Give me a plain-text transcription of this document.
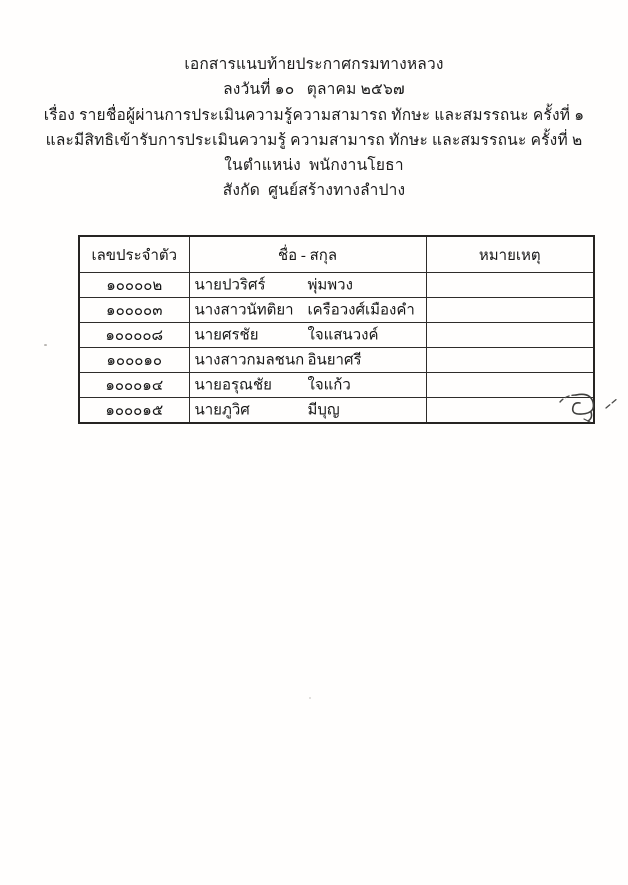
เอกสารแนบท้ายประกาศกรมทางหลวง
ลงวันที่ ๑๐   ตุลาคม ๒๕๖๗
เรื่อง รายชื่อผู้ผ่านการประเมินความรู้ความสามารถ ทักษะ และสมรรถนะ ครั้งที่ ๑
และมีสิทธิเข้ารับการประเมินความรู้ ความสามารถ ทักษะ และสมรรถนะ ครั้งที่ ๒
ในตำแหน่ง  พนักงานโยธา
สังกัด  ศูนย์สร้างทางลำปาง
เลขประจำตัว	ชื่อ - สกุล	หมายเหตุ
๑๐๐๐๐๒	นายปวริศร์ พุ่มพวง	

๑๐๐๐๐๓	นางสาวนัทติยา เครือวงศ์เมืองคำ	

๑๐๐๐๐๘	นายศรชัย ใจแสนวงค์	

๑๐๐๐๑๐	นางสาวกมลชนก อินยาศรี	

๑๐๐๐๑๔	นายอรุณชัย ใจแก้ว	

๑๐๐๐๑๕	นายภูวิศ มีบุญ	
